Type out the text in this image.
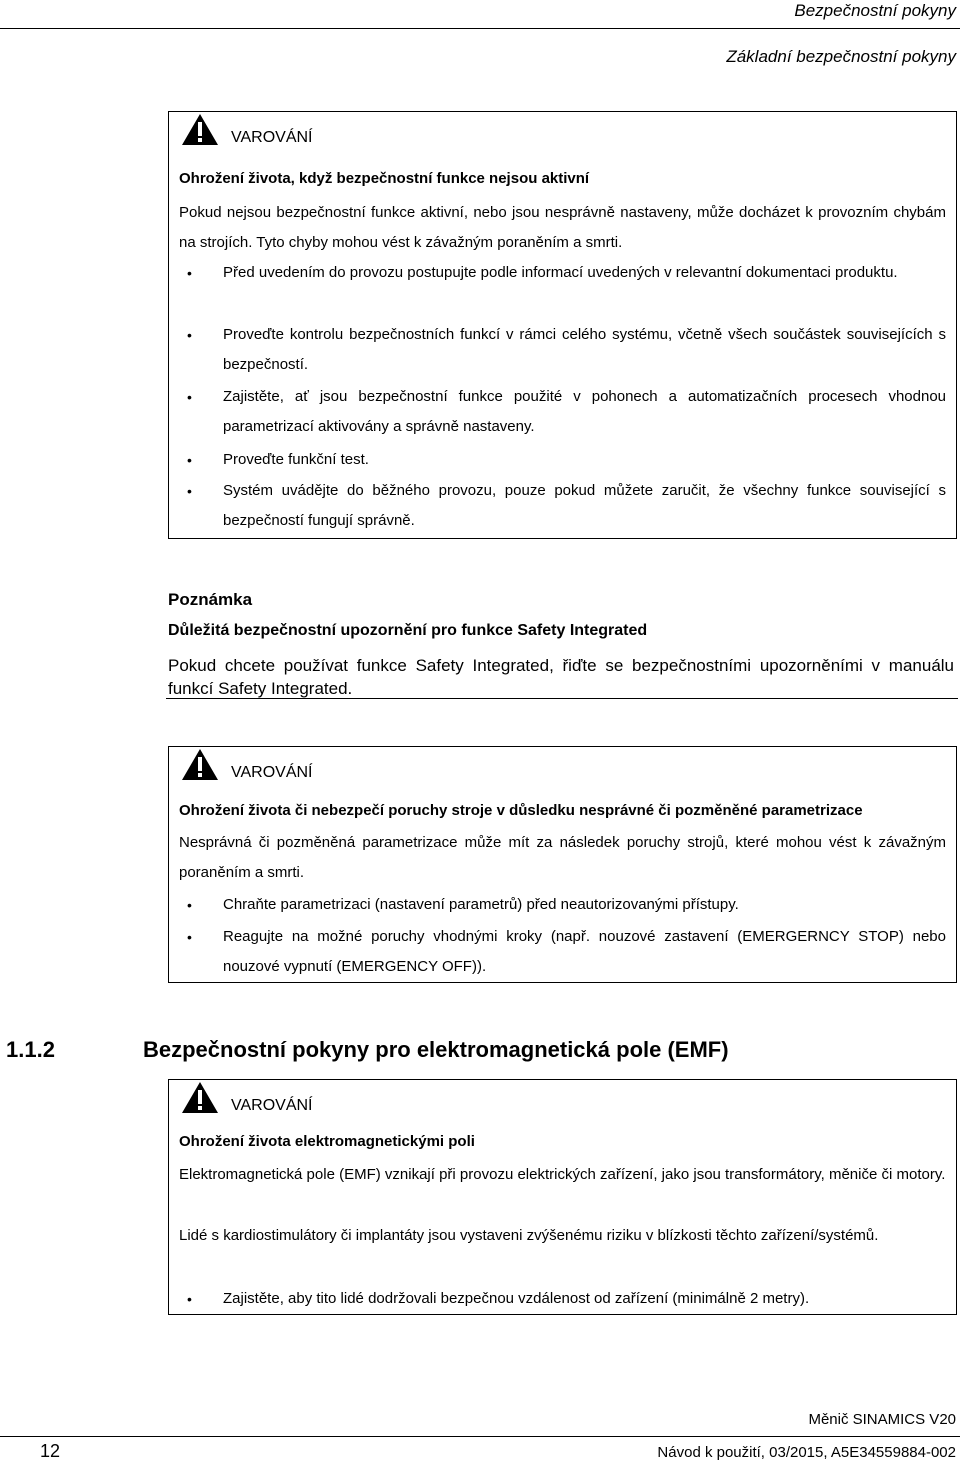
Bezpečnostní pokyny
Základní bezpečnostní pokyny
VAROVÁNÍ
Ohrožení života, když bezpečnostní funkce nejsou aktivní
Pokud nejsou bezpečnostní funkce aktivní, nebo jsou nesprávně nastaveny, může docházet k provozním chybám na strojích. Tyto chyby mohou vést k závažným poraněním a smrti.
• Před uvedením do provozu postupujte podle informací uvedených v relevantní dokumentaci produktu.
• Proveďte kontrolu bezpečnostních funkcí v rámci celého systému, včetně všech součástek souvisejících s bezpečností.
• Zajistěte, ať jsou bezpečnostní funkce použité v pohonech a automatizačních procesech vhodnou parametrizací aktivovány a správně nastaveny.
• Proveďte funkční test.
• Systém uvádějte do běžného provozu, pouze pokud můžete zaručit, že všechny funkce související s bezpečností fungují správně.
Poznámka
Důležitá bezpečnostní upozornění pro funkce Safety Integrated
Pokud chcete používat funkce Safety Integrated, řiďte se bezpečnostními upozorněními v manuálu funkcí Safety Integrated.
VAROVÁNÍ
Ohrožení života či nebezpečí poruchy stroje v důsledku nesprávné či pozměněné parametrizace
Nesprávná či pozměněná parametrizace může mít za následek poruchy strojů, které mohou vést k závažným poraněním a smrti.
• Chraňte parametrizaci (nastavení parametrů) před neautorizovanými přístupy.
• Reagujte na možné poruchy vhodnými kroky (např. nouzové zastavení (EMERGERNCY STOP) nebo nouzové vypnutí (EMERGENCY OFF)).
1.1.2	Bezpečnostní pokyny pro elektromagnetická pole (EMF)
VAROVÁNÍ
Ohrožení života elektromagnetickými poli
Elektromagnetická pole (EMF) vznikají při provozu elektrických zařízení, jako jsou transformátory, měniče či motory.
Lidé s kardiostimulátory či implantáty jsou vystaveni zvýšenému riziku v blízkosti těchto zařízení/systémů.
• Zajistěte, aby tito lidé dodržovali bezpečnou vzdálenost od zařízení (minimálně 2 metry).
Měnič SINAMICS V20
12	Návod k použití, 03/2015, A5E34559884-002
